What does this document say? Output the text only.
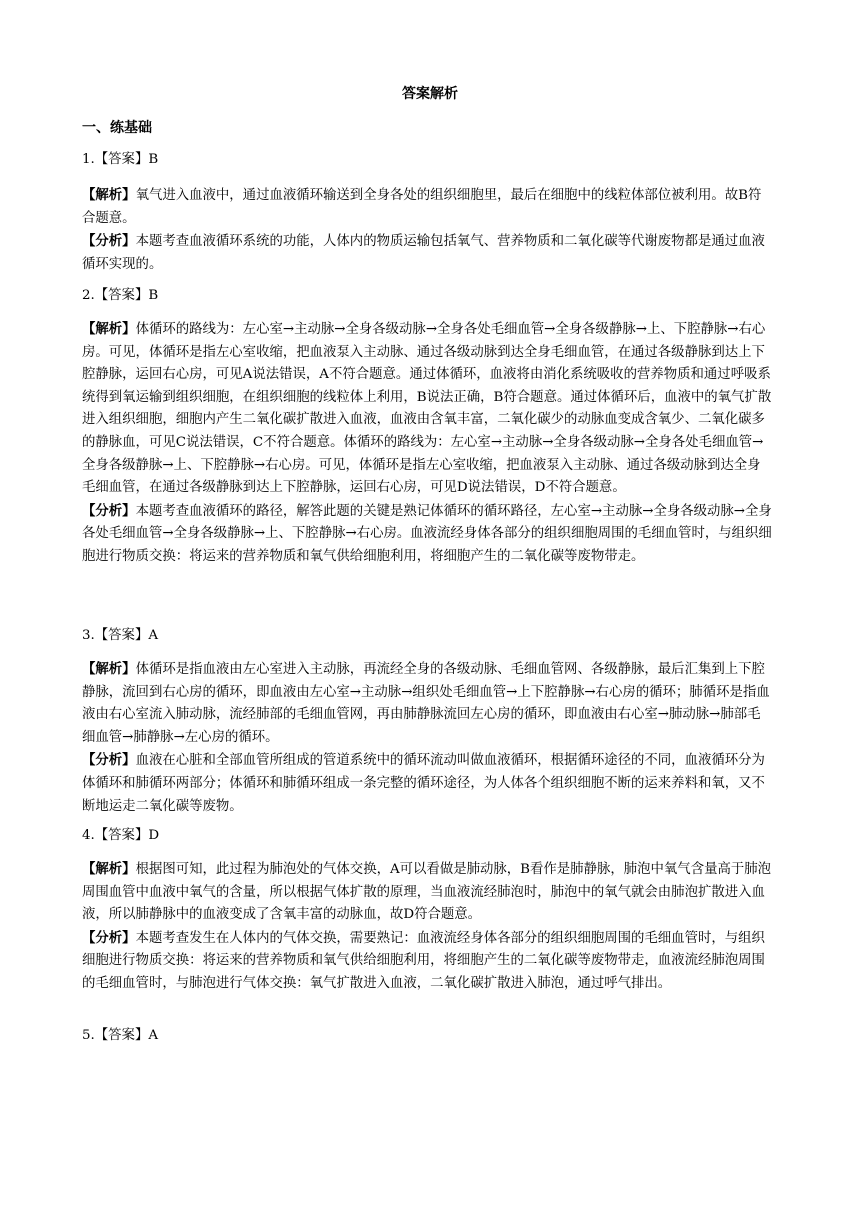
答案解析
一、练基础
1.【答案】B

【解析】氧气进入血液中，通过血液循环输送到全身各处的组织细胞里，最后在细胞中的线粒体部位被利用。故B符合题意。

【分析】本题考查血液循环系统的功能，人体内的物质运输包括氧气、营养物质和二氧化碳等代谢废物都是通过血液循环实现的。

2.【答案】B

【解析】体循环的路线为：左心室→主动脉→全身各级动脉→全身各处毛细血管→全身各级静脉→上、下腔静脉→右心房。可见，体循环是指左心室收缩，把血液泵入主动脉、通过各级动脉到达全身毛细血管，在通过各级静脉到达上下腔静脉，运回右心房，可见A说法错误，A不符合题意。通过体循环，血液将由消化系统吸收的营养物质和通过呼吸系统得到氧运输到组织细胞，在组织细胞的线粒体上利用，B说法正确，B符合题意。通过体循环后，血液中的氧气扩散进入组织细胞，细胞内产生二氧化碳扩散进入血液，血液由含氧丰富，二氧化碳少的动脉血变成含氧少、二氧化碳多的静脉血，可见C说法错误，C不符合题意。体循环的路线为：左心室→主动脉→全身各级动脉→全身各处毛细血管→全身各级静脉→上、下腔静脉→右心房。可见，体循环是指左心室收缩，把血液泵入主动脉、通过各级动脉到达全身毛细血管，在通过各级静脉到达上下腔静脉，运回右心房，可见D说法错误，D不符合题意。

【分析】本题考查血液循环的路径，解答此题的关键是熟记体循环的循环路径，左心室→主动脉→全身各级动脉→全身各处毛细血管→全身各级静脉→上、下腔静脉→右心房。血液流经身体各部分的组织细胞周围的毛细血管时，与组织细胞进行物质交换：将运来的营养物质和氧气供给细胞利用，将细胞产生的二氧化碳等废物带走。

3.【答案】A

【解析】体循环是指血液由左心室进入主动脉，再流经全身的各级动脉、毛细血管网、各级静脉，最后汇集到上下腔静脉，流回到右心房的循环，即血液由左心室→主动脉→组织处毛细血管→上下腔静脉→右心房的循环；肺循环是指血液由右心室流入肺动脉，流经肺部的毛细血管网，再由肺静脉流回左心房的循环，即血液由右心室→肺动脉→肺部毛细血管→肺静脉→左心房的循环。

【分析】血液在心脏和全部血管所组成的管道系统中的循环流动叫做血液循环，根据循环途径的不同，血液循环分为体循环和肺循环两部分；体循环和肺循环组成一条完整的循环途径，为人体各个组织细胞不断的运来养料和氧，又不断地运走二氧化碳等废物。

4.【答案】D

【解析】根据图可知，此过程为肺泡处的气体交换，A可以看做是肺动脉，B看作是肺静脉，肺泡中氧气含量高于肺泡周围血管中血液中氧气的含量，所以根据气体扩散的原理，当血液流经肺泡时，肺泡中的氧气就会由肺泡扩散进入血液，所以肺静脉中的血液变成了含氧丰富的动脉血，故D符合题意。

【分析】本题考查发生在人体内的气体交换，需要熟记：血液流经身体各部分的组织细胞周围的毛细血管时，与组织细胞进行物质交换：将运来的营养物质和氧气供给细胞利用，将细胞产生的二氧化碳等废物带走，血液流经肺泡周围的毛细血管时，与肺泡进行气体交换：氧气扩散进入血液，二氧化碳扩散进入肺泡，通过呼气排出。

5.【答案】A
